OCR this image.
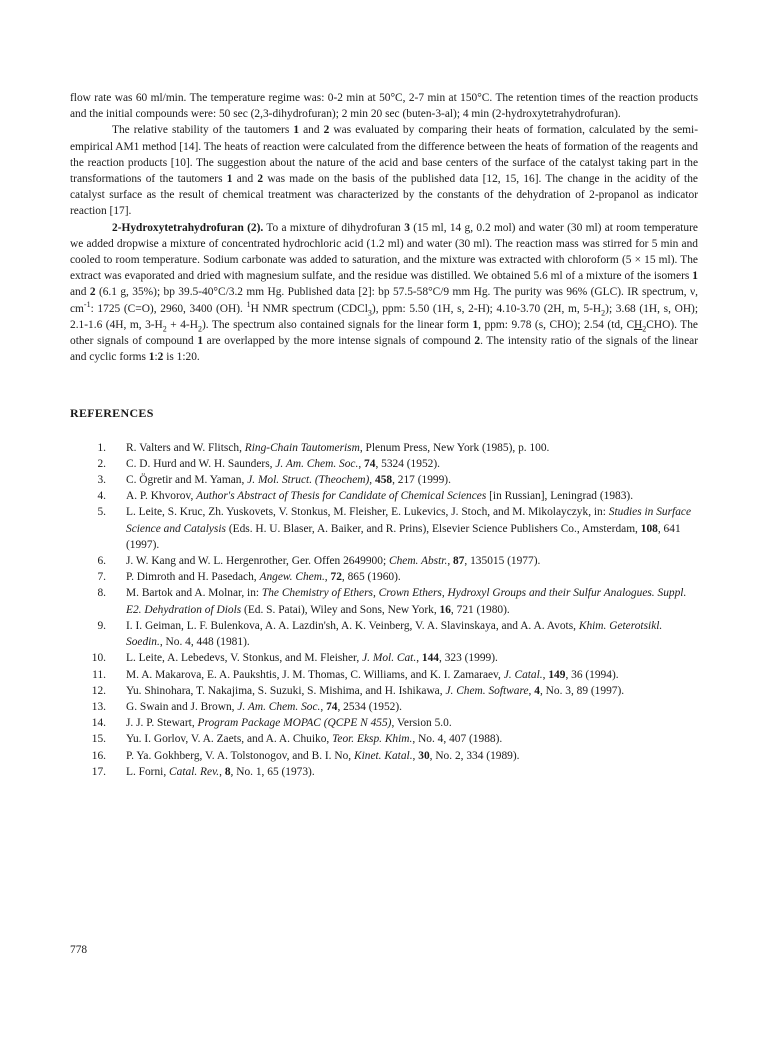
flow rate was 60 ml/min. The temperature regime was: 0-2 min at 50°C, 2-7 min at 150°C. The retention times of the reaction products and the initial compounds were: 50 sec (2,3-dihydrofuran); 2 min 20 sec (buten-3-al); 4 min (2-hydroxytetrahydrofuran).

The relative stability of the tautomers 1 and 2 was evaluated by comparing their heats of formation, calculated by the semi-empirical AM1 method [14]. The heats of reaction were calculated from the difference between the heats of formation of the reagents and the reaction products [10]. The suggestion about the nature of the acid and base centers of the surface of the catalyst taking part in the transformations of the tautomers 1 and 2 was made on the basis of the published data [12, 15, 16]. The change in the acidity of the catalyst surface as the result of chemical treatment was characterized by the constants of the dehydration of 2-propanol as indicator reaction [17].

2-Hydroxytetrahydrofuran (2). To a mixture of dihydrofuran 3 (15 ml, 14 g, 0.2 mol) and water (30 ml) at room temperature we added dropwise a mixture of concentrated hydrochloric acid (1.2 ml) and water (30 ml). The reaction mass was stirred for 5 min and cooled to room temperature. Sodium carbonate was added to saturation, and the mixture was extracted with chloroform (5 × 15 ml). The extract was evaporated and dried with magnesium sulfate, and the residue was distilled. We obtained 5.6 ml of a mixture of the isomers 1 and 2 (6.1 g, 35%); bp 39.5-40°C/3.2 mm Hg. Published data [2]: bp 57.5-58°C/9 mm Hg. The purity was 96% (GLC). IR spectrum, ν, $cm^{-1}$: 1725 (C=O), 2960, 3400 (OH). $^1$H NMR spectrum (CDCl$_3$), ppm: 5.50 (1H, s, 2-H); 4.10-3.70 (2H, m, $5-H_2$); 3.68 (1H, s, OH); 2.1-1.6 (4H, m, $3-H_2 + 4-H_2$). The spectrum also contained signals for the linear form 1, ppm: 9.78 (s, CHO); 2.54 (td, $CH_2CHO$). The other signals of compound 1 are overlapped by the more intense signals of compound 2. The intensity ratio of the signals of the linear and cyclic forms 1:2 is 1:20.

REFERENCES
1.	R. Valters and W. Flitsch, Ring-Chain Tautomerism, Plenum Press, New York (1985), p. 100.
2.	C. D. Hurd and W. H. Saunders, J. Am. Chem. Soc., 74, 5324 (1952).
3.	C. Ögretir and M. Yaman, J. Mol. Struct. (Theochem), 458, 217 (1999).
4.	A. P. Khvorov, Author's Abstract of Thesis for Candidate of Chemical Sciences [in Russian], Leningrad (1983).
5.	L. Leite, S. Kruc, Zh. Yuskovets, V. Stonkus, M. Fleisher, E. Lukevics, J. Stoch, and M. Mikolayczyk, in: Studies in Surface Science and Catalysis (Eds. H. U. Blaser, A. Baiker, and R. Prins), Elsevier Science Publishers Co., Amsterdam, 108, 641 (1997).
6.	J. W. Kang and W. L. Hergenrother, Ger. Offen 2649900; Chem. Abstr., 87, 135015 (1977).
7.	P. Dimroth and H. Pasedach, Angew. Chem., 72, 865 (1960).
8.	M. Bartok and A. Molnar, in: The Chemistry of Ethers, Crown Ethers, Hydroxyl Groups and their Sulfur Analogues. Suppl. E2. Dehydration of Diols (Ed. S. Patai), Wiley and Sons, New York, 16, 721 (1980).
9.	I. I. Geiman, L. F. Bulenkova, A. A. Lazdin'sh, A. K. Veinberg, V. A. Slavinskaya, and A. A. Avots, Khim. Geterotsikl. Soedin., No. 4, 448 (1981).
10.	L. Leite, A. Lebedevs, V. Stonkus, and M. Fleisher, J. Mol. Cat., 144, 323 (1999).
11.	M. A. Makarova, E. A. Paukshtis, J. M. Thomas, C. Williams, and K. I. Zamaraev, J. Catal., 149, 36 (1994).
12.	Yu. Shinohara, T. Nakajima, S. Suzuki, S. Mishima, and H. Ishikawa, J. Chem. Software, 4, No. 3, 89 (1997).
13.	G. Swain and J. Brown, J. Am. Chem. Soc., 74, 2534 (1952).
14.	J. J. P. Stewart, Program Package MOPAC (QCPE N 455), Version 5.0.
15.	Yu. I. Gorlov, V. A. Zaets, and A. A. Chuiko, Teor. Eksp. Khim., No. 4, 407 (1988).
16.	P. Ya. Gokhberg, V. A. Tolstonogov, and B. I. No, Kinet. Katal., 30, No. 2, 334 (1989).
17.	L. Forni, Catal. Rev., 8, No. 1, 65 (1973).
778
